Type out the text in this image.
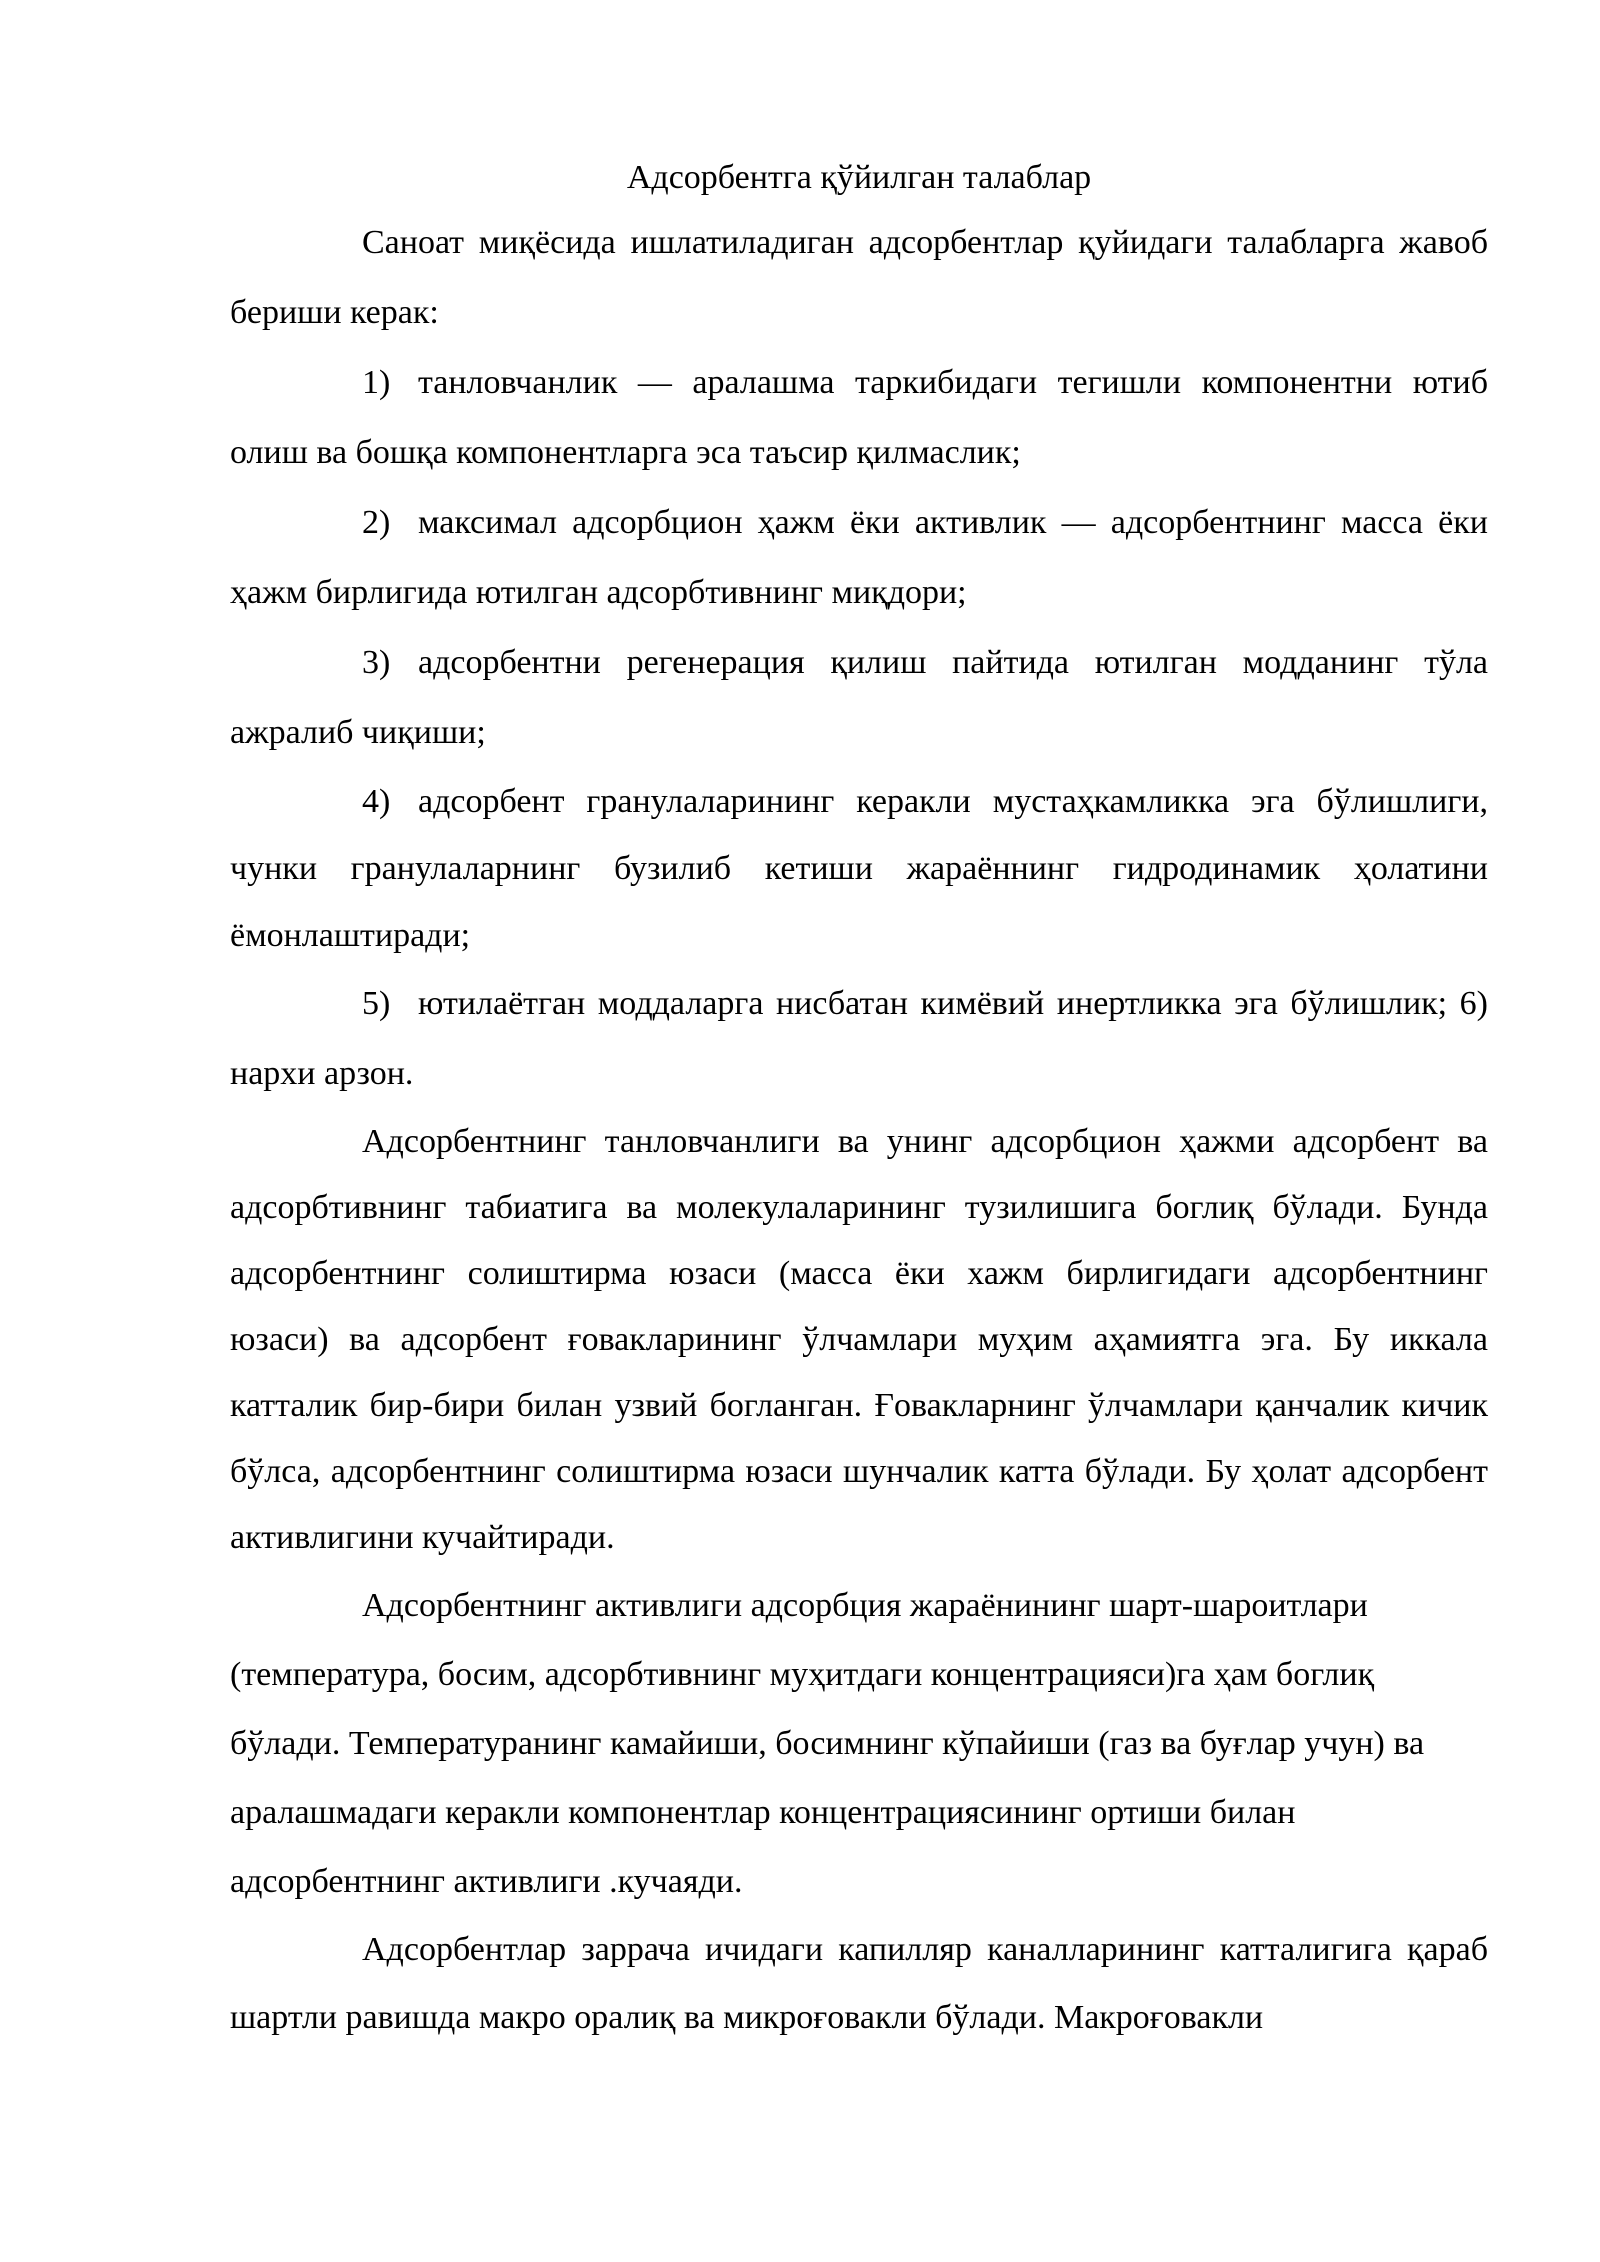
Адсорбентга қўйилган талаблар

Саноат миқёсида ишлатиладиган адсорбентлар қуйидаги талабларга жавоб бериши керак:

1) танловчанлик — аралашма таркибидаги тегишли компонентни ютиб олиш ва бошқа компонентларга эса таъсир қилмаслик;

2) максимал адсорбцион ҳажм ёки активлик — адсорбентнинг масса ёки ҳажм бирлигида ютилган адсорбтивнинг миқдори;

3) адсорбентни регенерация қилиш пайтида ютилган модданинг тўла ажралиб чиқиши;

4) адсорбент гранулаларининг керакли мустаҳкамликка эга бўлишлиги, чунки гранулаларнинг бузилиб кетиши жараённинг гидродинамик ҳолатини ёмонлаштиради;

5) ютилаётган моддаларга нисбатан кимёвий инертликка эга бўлишлик; 6) нархи арзон.

Адсорбентнинг танловчанлиги ва унинг адсорбцион ҳажми адсорбент ва адсорбтивнинг табиатига ва молекулаларининг тузилишига боглиқ бўлади. Бунда адсорбентнинг солиштирма юзаси (масса ёки хажм бирлигидаги адсорбентнинг юзаси) ва адсорбент ғовакларининг ўлчамлари муҳим аҳамиятга эга. Бу иккала катталик бир-бири билан узвий богланган. Ғовакларнинг ўлчамлари қанчалик кичик бўлса, адсорбентнинг солиштирма юзаси шунчалик катта бўлади. Бу ҳолат адсорбент активлигини кучайтиради.

Адсорбентнинг активлиги адсорбция жараёнининг шарт-шароитлари (температура, босим, адсорбтивнинг муҳитдаги концентрацияси)га ҳам боглиқ бўлади. Температуранинг камайиши, босимнинг кўпайиши (газ ва буғлар учун) ва аралашмадаги керакли компонентлар концентрациясининг ортиши билан адсорбентнинг активлиги .кучаяди.

Адсорбентлар заррача ичидаги капилляр каналларининг катталигига қараб шартли равишда макро оралиқ ва микроғовакли бўлади. Макроғовакли
